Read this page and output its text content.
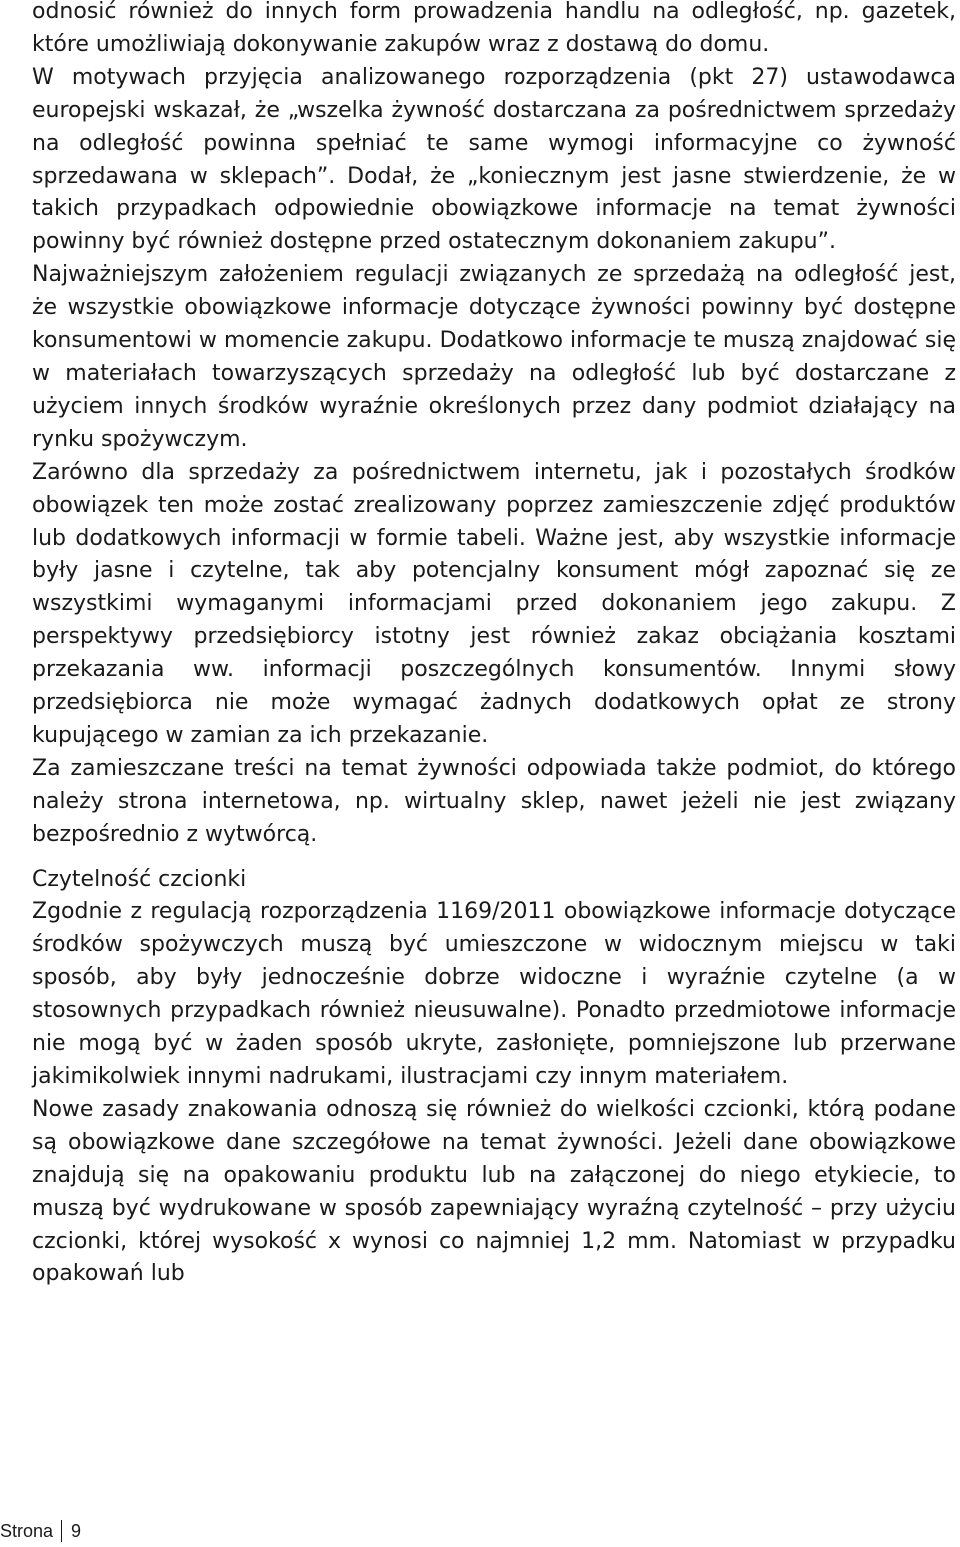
odnosić również do innych form prowadzenia handlu na odległość, np. gazetek, które umożliwiają dokonywanie zakupów wraz z dostawą do domu.

W motywach przyjęcia analizowanego rozporządzenia (pkt 27) ustawodawca europejski wskazał, że „wszelka żywność dostarczana za pośrednictwem sprzedaży na odległość powinna spełniać te same wymogi informacyjne co żywność sprzedawana w sklepach”. Dodał, że „koniecznym jest jasne stwierdzenie, że w takich przypadkach odpowiednie obowiązkowe informacje na temat żywności powinny być również dostępne przed ostatecznym dokonaniem zakupu”.

Najważniejszym założeniem regulacji związanych ze sprzedażą na odległość jest, że wszystkie obowiązkowe informacje dotyczące żywności powinny być dostępne konsumentowi w momencie zakupu. Dodatkowo informacje te muszą znajdować się w materiałach towarzyszących sprzedaży na odległość lub być dostarczane z użyciem innych środków wyraźnie określonych przez dany podmiot działający na rynku spożywczym.

Zarówno dla sprzedaży za pośrednictwem internetu, jak i pozostałych środków obowiązek ten może zostać zrealizowany poprzez zamieszczenie zdjęć produktów lub dodatkowych informacji w formie tabeli. Ważne jest, aby wszystkie informacje były jasne i czytelne, tak aby potencjalny konsument mógł zapoznać się ze wszystkimi wymaganymi informacjami przed dokonaniem jego zakupu. Z perspektywy przedsiębiorcy istotny jest również zakaz obciążania kosztami przekazania ww. informacji poszczególnych konsumentów. Innymi słowy przedsiębiorca nie może wymagać żadnych dodatkowych opłat ze strony kupującego w zamian za ich przekazanie.

Za zamieszczane treści na temat żywności odpowiada także podmiot, do którego należy strona internetowa, np. wirtualny sklep, nawet jeżeli nie jest związany bezpośrednio z wytwórcą.

Czytelność czcionki

Zgodnie z regulacją rozporządzenia 1169/2011 obowiązkowe informacje dotyczące środków spożywczych muszą być umieszczone w widocznym miejscu w taki sposób, aby były jednocześnie dobrze widoczne i wyraźnie czytelne (a w stosownych przypadkach również nieusuwalne). Ponadto przedmiotowe informacje nie mogą być w żaden sposób ukryte, zasłonięte, pomniejszone lub przerwane jakimikolwiek innymi nadrukami, ilustracjami czy innym materiałem.

Nowe zasady znakowania odnoszą się również do wielkości czcionki, którą podane są obowiązkowe dane szczegółowe na temat żywności. Jeżeli dane obowiązkowe znajdują się na opakowaniu produktu lub na załączonej do niego etykiecie, to muszą być wydrukowane w sposób zapewniający wyraźną czytelność – przy użyciu czcionki, której wysokość x wynosi co najmniej 1,2 mm. Natomiast w przypadku opakowań lub

Strona 9
